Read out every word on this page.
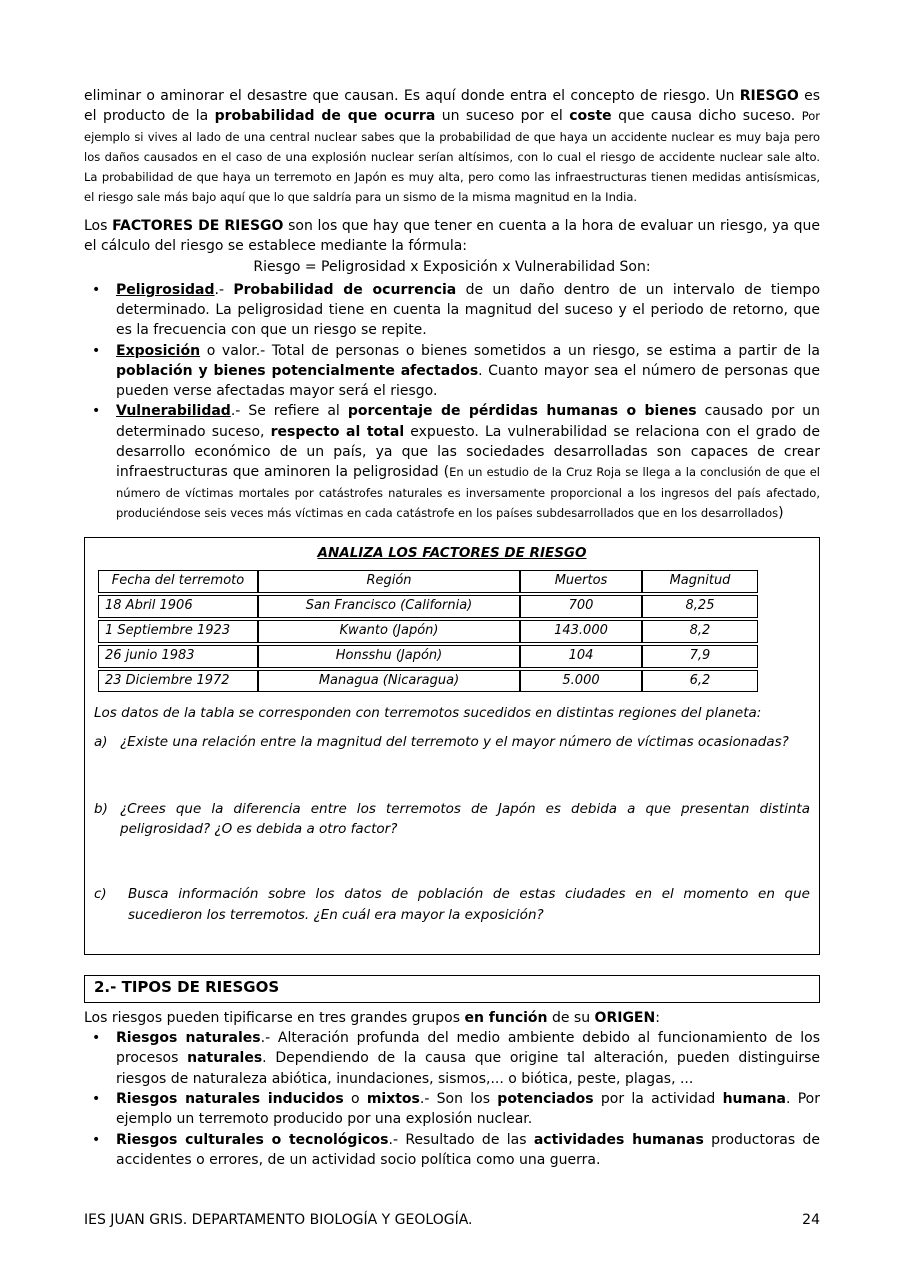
eliminar o aminorar el desastre que causan. Es aquí donde entra el concepto de riesgo. Un RIESGO es el producto de la probabilidad de que ocurra un suceso por el coste que causa dicho suceso. Por ejemplo si vives al lado de una central nuclear sabes que la probabilidad de que haya un accidente nuclear es muy baja pero los daños causados en el caso de una explosión nuclear serían altísimos, con lo cual el riesgo de accidente nuclear sale alto. La probabilidad de que haya un terremoto en Japón es muy alta, pero como las infraestructuras tienen medidas antisísmicas, el riesgo sale más bajo aquí que lo que saldría para un sismo de la misma magnitud en la India.

Los FACTORES DE RIESGO son los que hay que tener en cuenta a la hora de evaluar un riesgo, ya que el cálculo del riesgo se establece mediante la fórmula:

Riesgo = Peligrosidad x Exposición x Vulnerabilidad Son:
• Peligrosidad.- Probabilidad de ocurrencia de un daño dentro de un intervalo de tiempo determinado. La peligrosidad tiene en cuenta la magnitud del suceso y el periodo de retorno, que es la frecuencia con que un riesgo se repite.
• Exposición o valor.- Total de personas o bienes sometidos a un riesgo, se estima a partir de la población y bienes potencialmente afectados. Cuanto mayor sea el número de personas que pueden verse afectadas mayor será el riesgo.
• Vulnerabilidad.- Se refiere al porcentaje de pérdidas humanas o bienes causado por un determinado suceso, respecto al total expuesto. La vulnerabilidad se relaciona con el grado de desarrollo económico de un país, ya que las sociedades desarrolladas son capaces de crear infraestructuras que aminoren la peligrosidad (En un estudio de la Cruz Roja se llega a la conclusión de que el número de víctimas mortales por catástrofes naturales es inversamente proporcional a los ingresos del país afectado, produciéndose seis veces más víctimas en cada catástrofe en los países subdesarrollados que en los desarrollados)
ANALIZA LOS FACTORES DE RIESGO
Fecha del terremoto	Región	Muertos	Magnitud
18 Abril 1906	San Francisco (California)	700	8,25
1 Septiembre 1923	Kwanto (Japón)	143.000	8,2
26 junio 1983	Honsshu (Japón)	104	7,9
23 Diciembre 1972	Managua (Nicaragua)	5.000	6,2

Los datos de la tabla se corresponden con terremotos sucedidos en distintas regiones del planeta:

a) ¿Existe una relación entre la magnitud del terremoto y el mayor número de víctimas ocasionadas?
b) ¿Crees que la diferencia entre los terremotos de Japón es debida a que presentan distinta peligrosidad? ¿O es debida a otro factor?
c)	Busca información sobre los datos de población de estas ciudades en el momento en que sucedieron los terremotos. ¿En cuál era mayor la exposición?
2.- TIPOS DE RIESGOS

Los riesgos pueden tipificarse en tres grandes grupos en función de su ORIGEN:

• Riesgos naturales.- Alteración profunda del medio ambiente debido al funcionamiento de los procesos naturales. Dependiendo de la causa que origine tal alteración, pueden distinguirse riesgos de naturaleza abiótica, inundaciones, sismos,... o biótica, peste, plagas, ...
• Riesgos naturales inducidos o mixtos.- Son los potenciados por la actividad humana. Por ejemplo un terremoto producido por una explosión nuclear.
• Riesgos culturales o tecnológicos.- Resultado de las actividades humanas productoras de accidentes o errores, de un actividad socio política como una guerra.
IES JUAN GRIS. DEPARTAMENTO BIOLOGÍA Y GEOLOGÍA.	24
